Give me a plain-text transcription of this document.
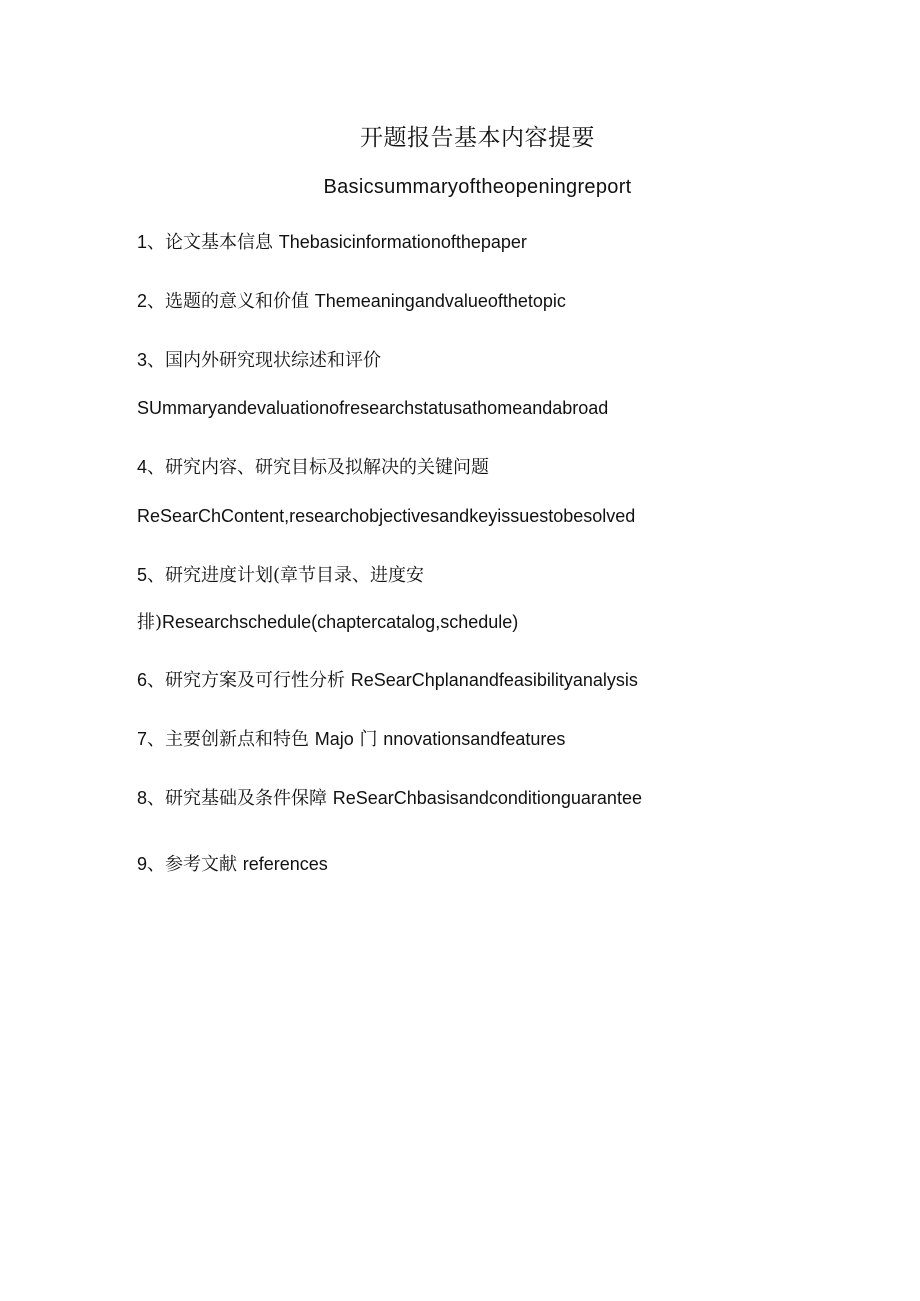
开题报告基本内容提要
Basicsummaryoftheopeningreport
1、论文基本信息 Thebasicinformationofthepaper
2、选题的意义和价值 Themeaningandvalueofthetopic
3、国内外研究现状综述和评价
SUmmaryandevaluationofresearchstatusathomeandabroad
4、研究内容、研究目标及拟解决的关键问题
ReSearChContent,researchobjectivesandkeyissuestobesolved
5、研究进度计划(章节目录、进度安
排)Researchschedule(chaptercatalog,schedule)
6、研究方案及可行性分析 ReSearChplanandfeasibilityanalysis
7、主要创新点和特色 Majo 门 nnovationsandfeatures
8、研究基础及条件保障 ReSearChbasisandconditionguarantee
9、参考文献 references
